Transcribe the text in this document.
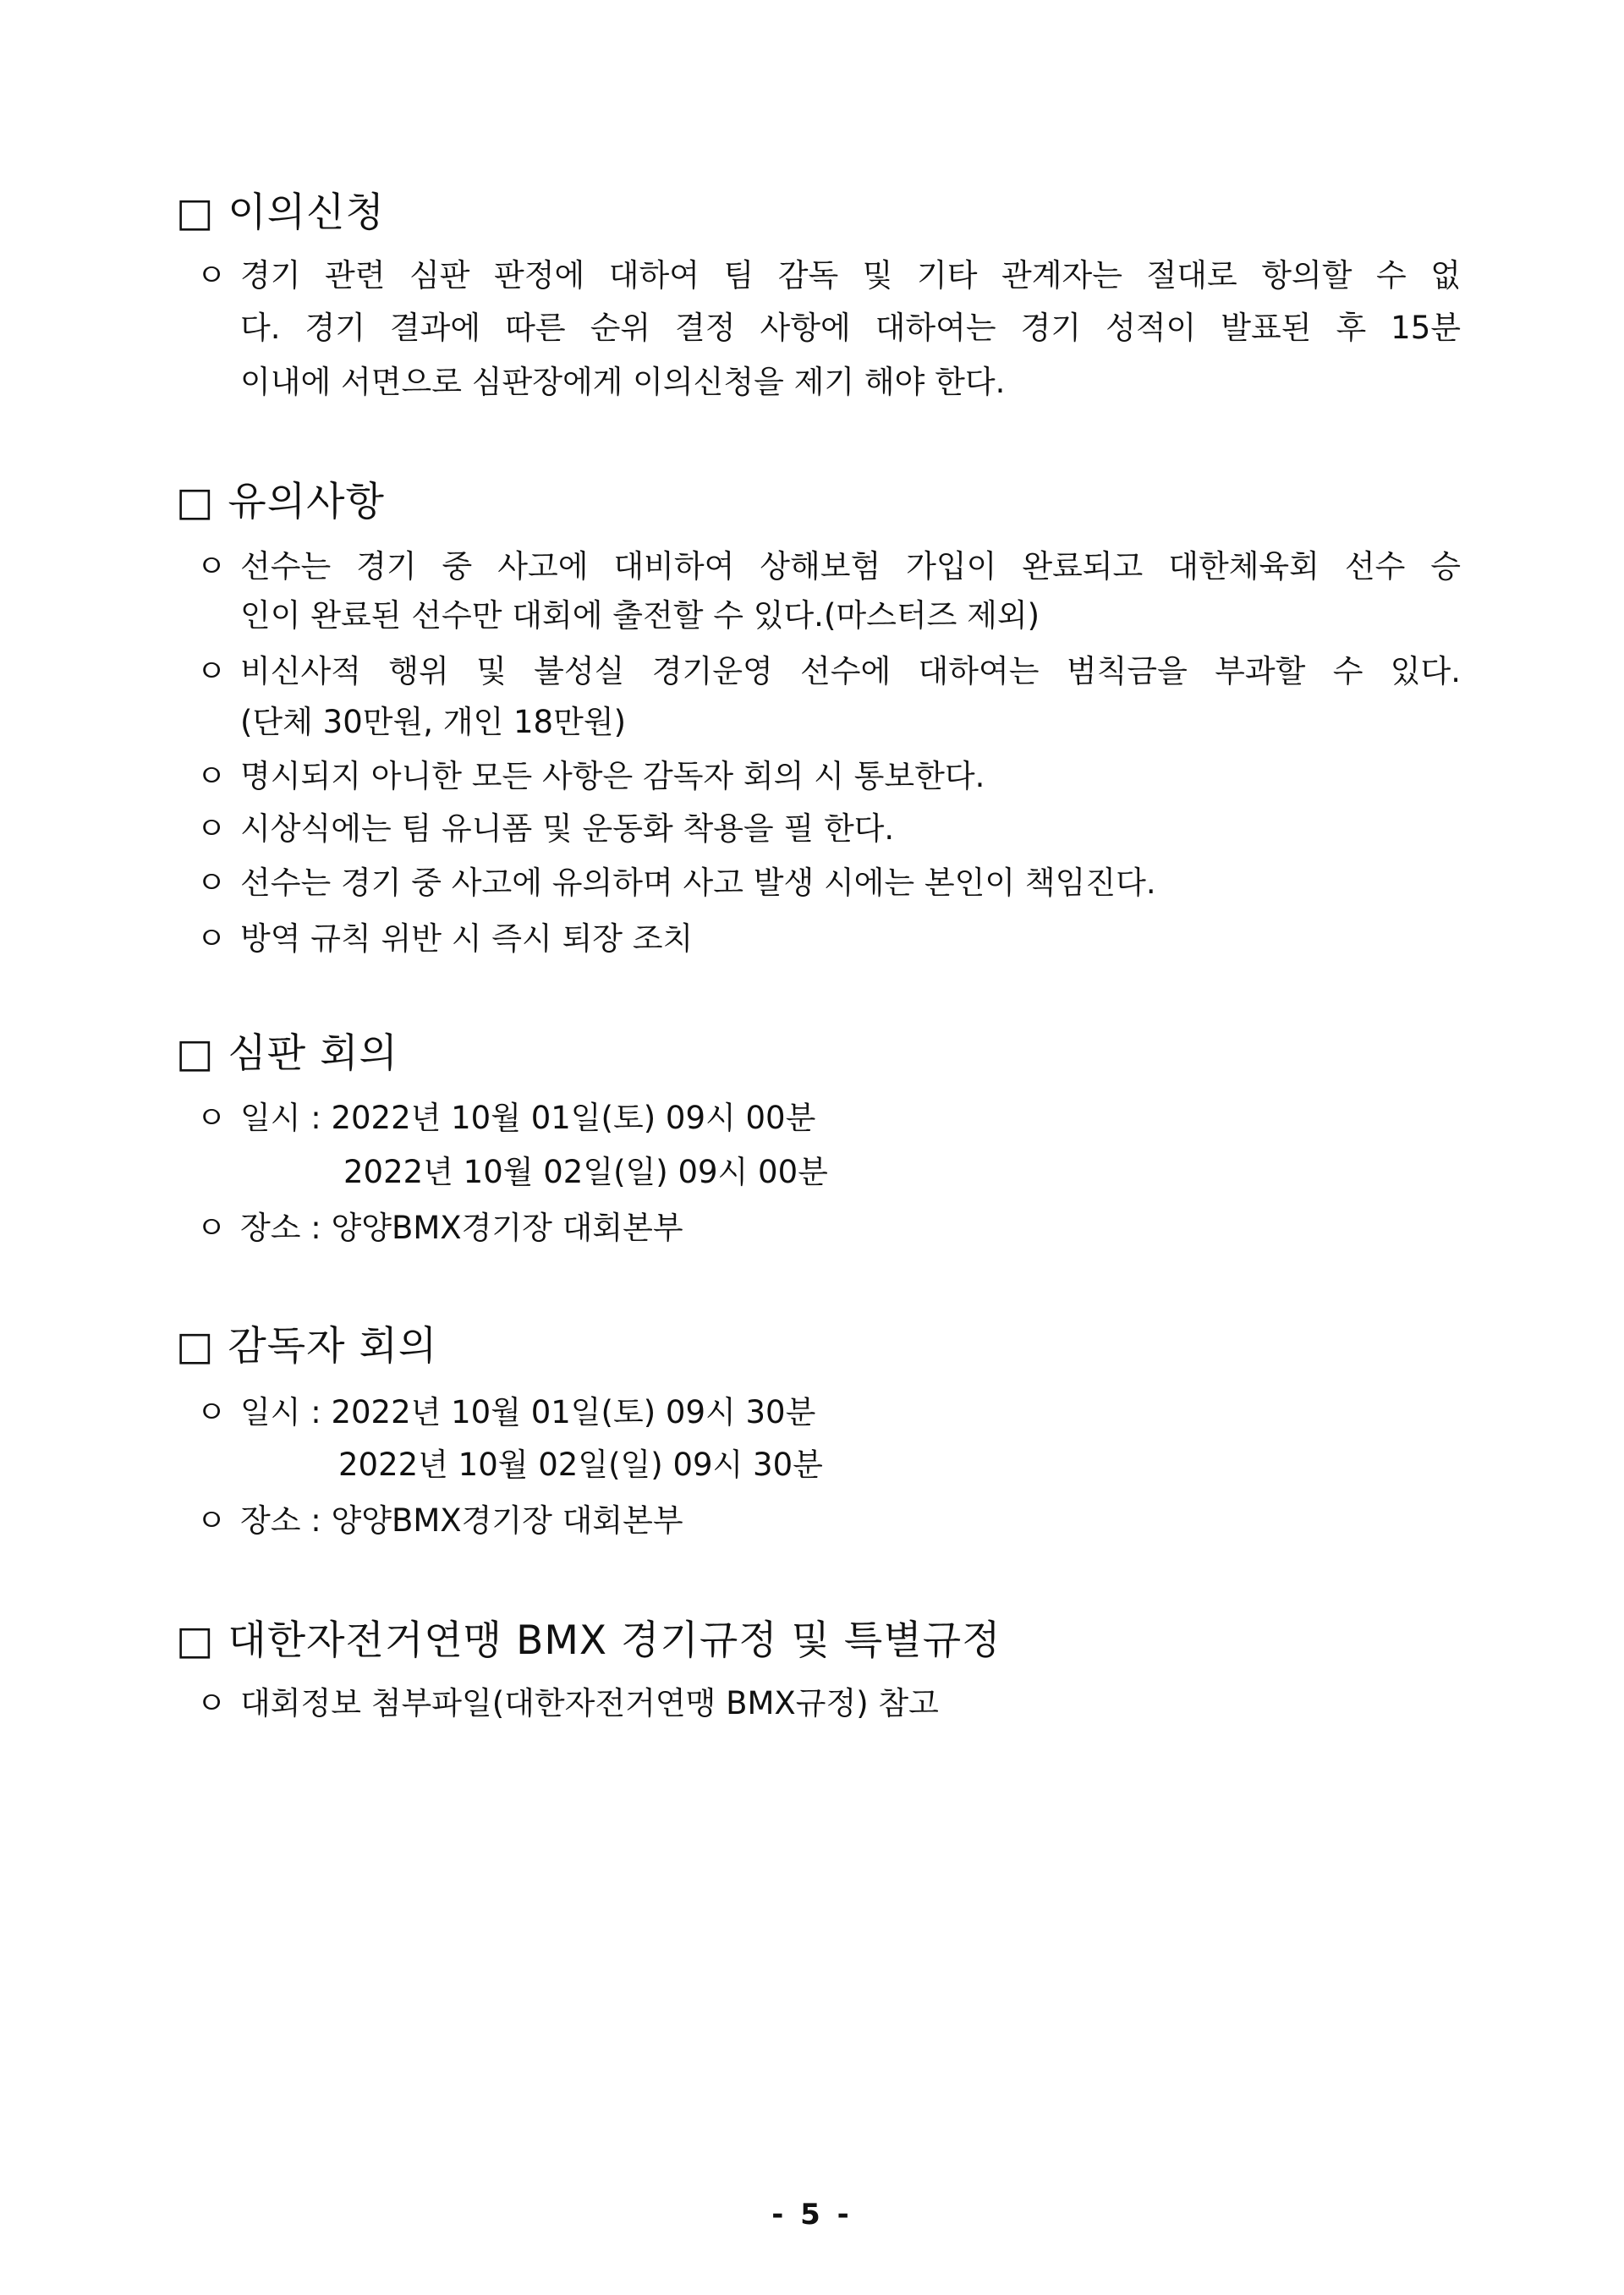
□ 이의신청
ㅇ 경기 관련 심판 판정에 대하여 팀 감독 및 기타 관계자는 절대로 항의할 수 없
다. 경기 결과에 따른 순위 결정 사항에 대하여는 경기 성적이 발표된 후 15분
이내에 서면으로 심판장에게 이의신청을 제기 해야 한다.
□ 유의사항
ㅇ 선수는 경기 중 사고에 대비하여 상해보험 가입이 완료되고 대한체육회 선수 승
인이 완료된 선수만 대회에 출전할 수 있다.(마스터즈 제외)
ㅇ 비신사적 행위 및 불성실 경기운영 선수에 대하여는 범칙금을 부과할 수 있다.
(단체 30만원, 개인 18만원)
ㅇ 명시되지 아니한 모든 사항은 감독자 회의 시 통보한다.
ㅇ 시상식에는 팀 유니폼 및 운동화 착용을 필 한다.
ㅇ 선수는 경기 중 사고에 유의하며 사고 발생 시에는 본인이 책임진다.
ㅇ 방역 규칙 위반 시 즉시 퇴장 조치
□ 심판 회의
ㅇ 일시 : 2022년 10월 01일(토) 09시 00분
2022년 10월 02일(일) 09시 00분
ㅇ 장소 : 양양BMX경기장 대회본부
□ 감독자 회의
ㅇ 일시 : 2022년 10월 01일(토) 09시 30분
2022년 10월 02일(일) 09시 30분
ㅇ 장소 : 양양BMX경기장 대회본부
□ 대한자전거연맹 BMX 경기규정 및 특별규정
ㅇ 대회정보 첨부파일(대한자전거연맹 BMX규정) 참고
- 5 -
